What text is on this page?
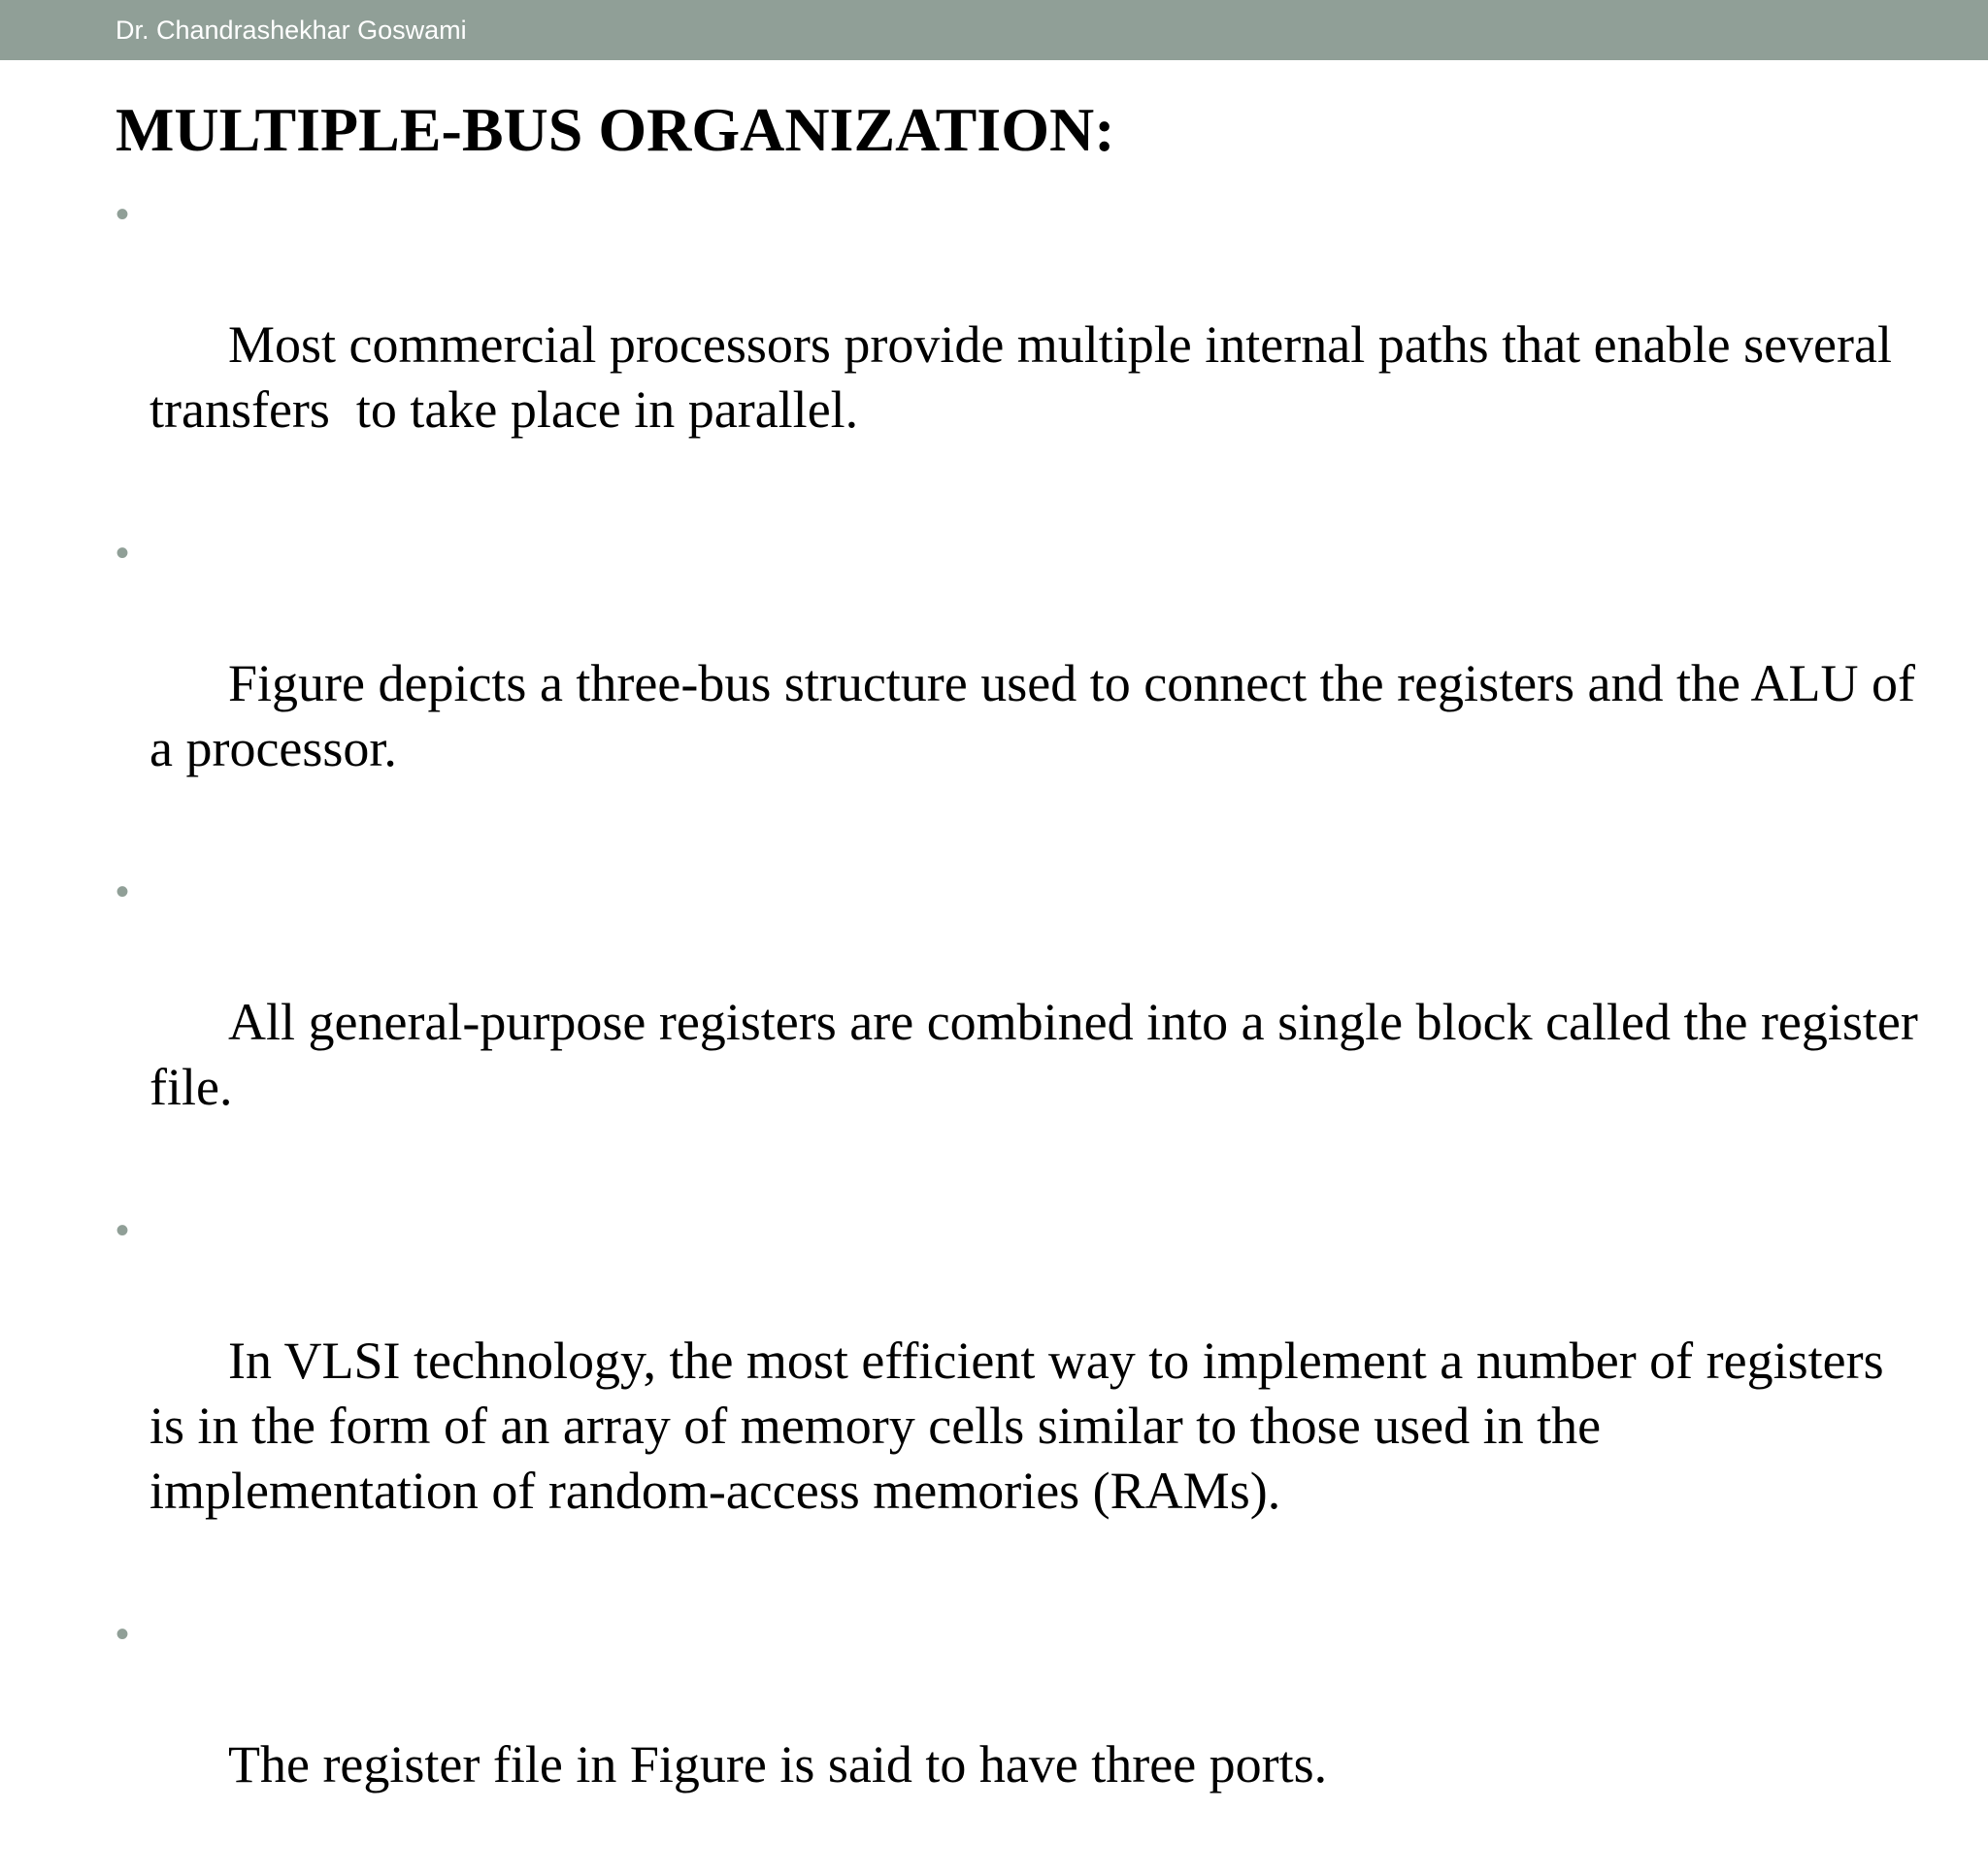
Dr. Chandrashekhar Goswami
MULTIPLE-BUS ORGANIZATION:

•

Most commercial processors provide multiple internal paths that enable several transfers  to take place in parallel.

•

Figure depicts a three-bus structure used to connect the registers and the ALU of a processor.

•

All general-purpose registers are combined into a single block called the register file.

•

In VLSI technology, the most efficient way to implement a number of registers is in the form of an array of memory cells similar to those used in the implementation of random-access memories (RAMs).

•

The register file in Figure is said to have three ports.
